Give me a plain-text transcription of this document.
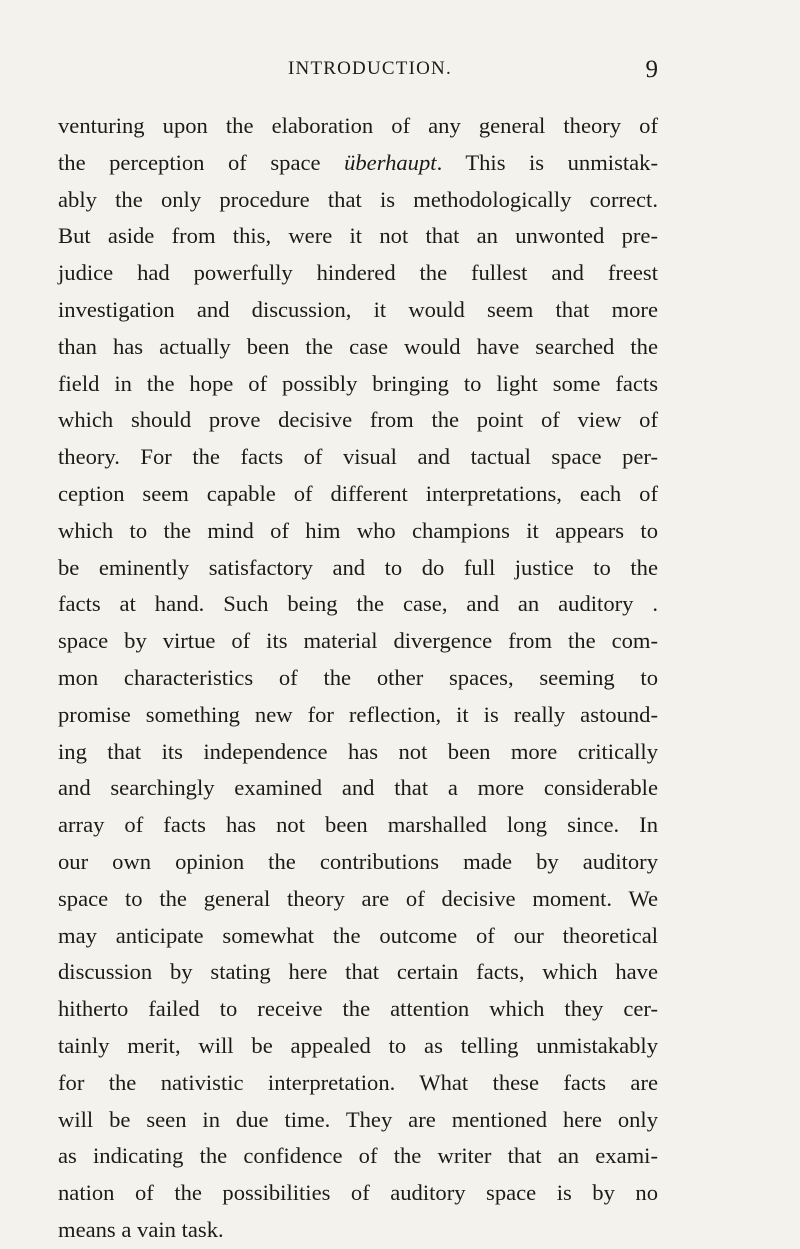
INTRODUCTION.	9
venturing upon the elaboration of any general theory of
the perception of space überhaupt. This is unmistak-
ably the only procedure that is methodologically correct.
But aside from this, were it not that an unwonted pre-
judice had powerfully hindered the fullest and freest
investigation and discussion, it would seem that more
than has actually been the case would have searched the
field in the hope of possibly bringing to light some facts
which should prove decisive from the point of view of
theory. For the facts of visual and tactual space per-
ception seem capable of different interpretations, each of
which to the mind of him who champions it appears to
be eminently satisfactory and to do full justice to the
facts at hand. Such being the case, and an auditory .
space by virtue of its material divergence from the com-
mon characteristics of the other spaces, seeming to
promise something new for reflection, it is really astound-
ing that its independence has not been more critically
and searchingly examined and that a more considerable
array of facts has not been marshalled long since. In
our own opinion the contributions made by auditory
space to the general theory are of decisive moment. We
may anticipate somewhat the outcome of our theoretical
discussion by stating here that certain facts, which have
hitherto failed to receive the attention which they cer-
tainly merit, will be appealed to as telling unmistakably
for the nativistic interpretation. What these facts are
will be seen in due time. They are mentioned here only
as indicating the confidence of the writer that an exami-
nation of the possibilities of auditory space is by no
means a vain task.
